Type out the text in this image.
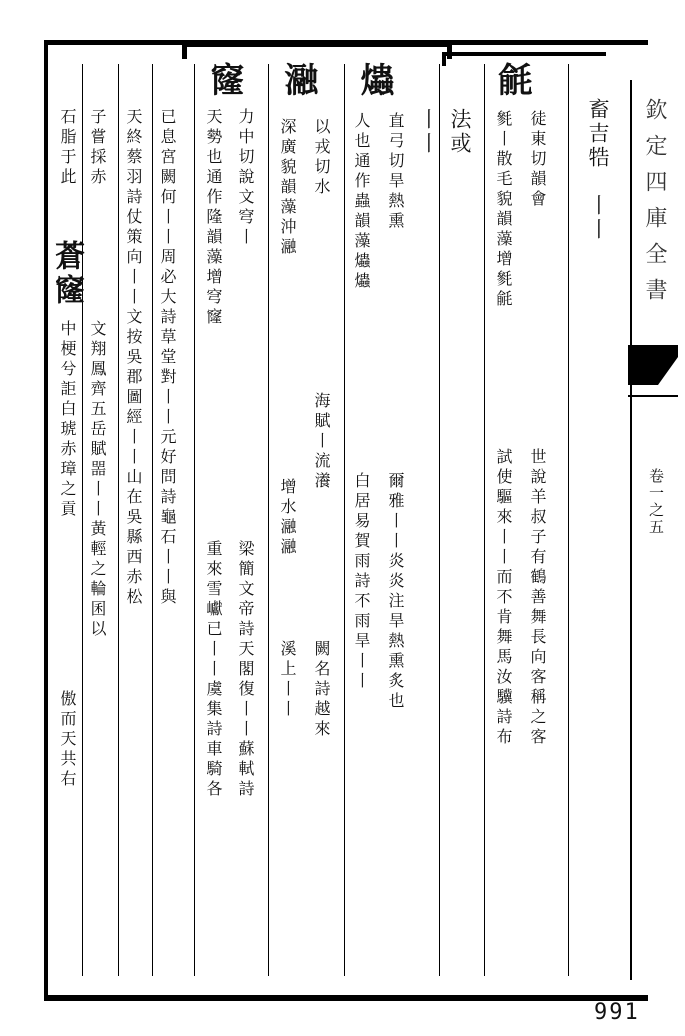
欽定四庫全書
卷一之五
991
畜吉牿
丨丨
毹
徒東切韻會
毿丨散毛貌韻藻增毿毹
世說羊叔子有鶴善舞長向客稱之客
試使驅來丨丨而不肯舞馬汝驥詩布
法或
丨丨
爞
直弓切旱熱熏
人也通作蟲韻藻爞爞
爾雅丨丨炎炎注旱熱熏炙也
白居易賀雨詩不雨旱丨丨
瀜
以戎切水
深廣貌韻藻沖瀜
海賦丨流瀁
增水瀜瀜
闕名詩越來
溪上丨丨
窿
力中切說文穹丨
天勢也通作隆韻藻增穹窿
梁簡文帝詩天閣復丨丨蘇軾詩
重來雪巘已丨丨虞集詩車騎各
已息宮闕何丨丨周必大詩草堂對丨丨元好問詩龜石丨丨與
天終蔡羽詩仗策向丨丨文按吳郡圖經丨丨山在吳縣西赤松
子嘗採赤
蒼窿
文翔鳳齊五岳賦噐丨丨黃輕之輪囷以
石脂于此
中梗兮詎白琥赤璋之貢
傲而天共右
